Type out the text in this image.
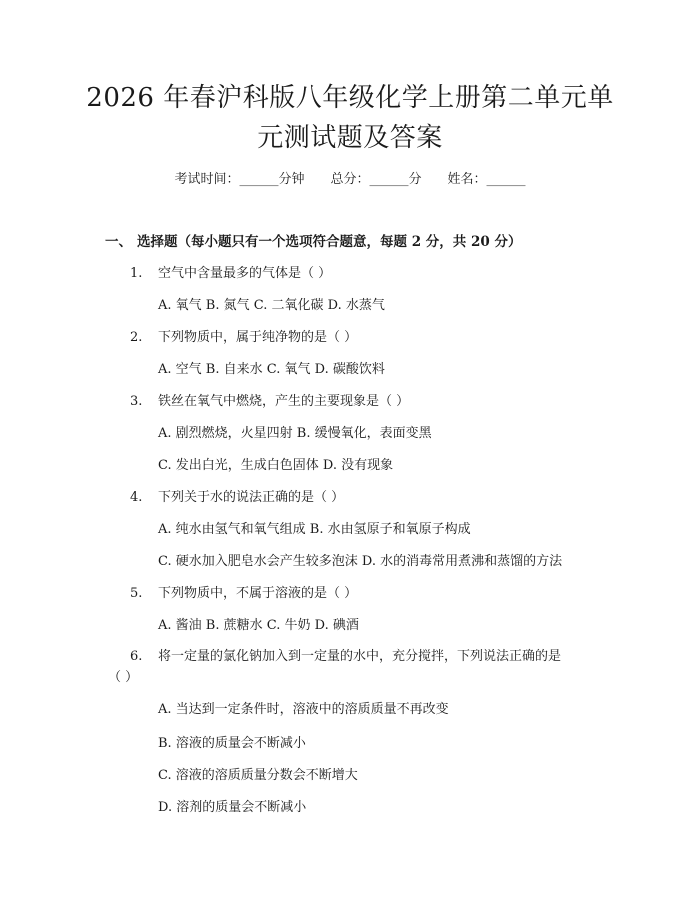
2026 年春沪科版八年级化学上册第二单元单
元测试题及答案
考试时间：______分钟 总分：______分 姓名：______
一、 选择题（每小题只有一个选项符合题意，每题 2 分，共 20 分）
1. 空气中含量最多的气体是（ ）
A. 氧气 B. 氮气 C. 二氧化碳 D. 水蒸气
2. 下列物质中，属于纯净物的是（ ）
A. 空气 B. 自来水 C. 氧气 D. 碳酸饮料
3. 铁丝在氧气中燃烧，产生的主要现象是（ ）
A. 剧烈燃烧，火星四射 B. 缓慢氧化，表面变黑
C. 发出白光，生成白色固体 D. 没有现象
4. 下列关于水的说法正确的是（ ）
A. 纯水由氢气和氧气组成 B. 水由氢原子和氧原子构成
C. 硬水加入肥皂水会产生较多泡沫 D. 水的消毒常用煮沸和蒸馏的方法
5. 下列物质中，不属于溶液的是（ ）
A. 酱油 B. 蔗糖水 C. 牛奶 D. 碘酒
6. 将一定量的氯化钠加入到一定量的水中，充分搅拌，下列说法正确的是
（ ）
A. 当达到一定条件时，溶液中的溶质质量不再改变
B. 溶液的质量会不断减小
C. 溶液的溶质质量分数会不断增大
D. 溶剂的质量会不断减小
